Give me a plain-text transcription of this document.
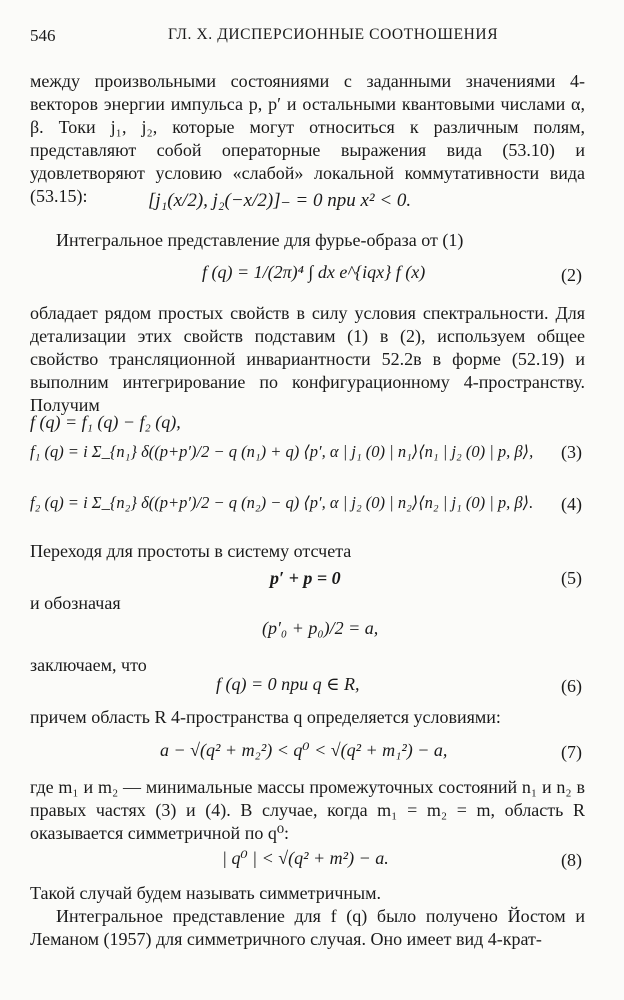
546	ГЛ. X. ДИСПЕРСИОННЫЕ СООТНОШЕНИЯ
между произвольными состояниями с заданными значениями 4-векторов энергии импульса p, p′ и остальными квантовыми числами α, β. Токи j₁, j₂, которые могут относиться к различным полям, представляют собой операторные выражения вида (53.10) и удовлетворяют условию «слабой» локальной коммутативности вида (53.15):	[j₁(x/2), j₂(−x/2)]₋ = 0 при x² < 0.
Интегральное представление для фурье-образа от (1)
f (q) = 1/(2π)⁴ ∫ dx e^{iqx} f (x)	(2)
обладает рядом простых свойств в силу условия спектральности. Для детализации этих свойств подставим (1) в (2), используем общее свойство трансляционной инвариантности 52.2в в форме (52.19) и выполним интегрирование по конфигурационному 4-пространству. Получим
f (q) = f₁ (q) − f₂ (q),
f₁ (q) = i Σ_{n₁} δ((p+p′)/2 − q (n₁) + q) ⟨p′, α | j₁ (0) | n₁⟩⟨n₁ | j₂ (0) | p, β⟩, (3)
f₂ (q) = i Σ_{n₂} δ((p+p′)/2 − q (n₂) − q) ⟨p′, α | j₂ (0) | n₂⟩⟨n₂ | j₁ (0) | p, β⟩. (4)
Переходя для простоты в систему отсчета
p′ + p = 0	(5)
и обозначая
(p′₀ + p₀)/2 = a,
заключаем, что
f (q) = 0 при q ∈ R,	(6)
причем область R 4-пространства q определяется условиями:
a − √(q² + m₂²) < q⁰ < √(q² + m₁²) − a,	(7)
где m₁ и m₂ — минимальные массы промежуточных состояний n₁ и n₂ в правых частях (3) и (4). В случае, когда m₁ = m₂ = m, область R оказывается симметричной по q⁰:
| q⁰ | < √(q² + m²) − a.	(8)
Такой случай будем называть симметричным.
Интегральное представление для f (q) было получено Йостом и Леманом (1957) для симметричного случая. Оно имеет вид 4-крат-
